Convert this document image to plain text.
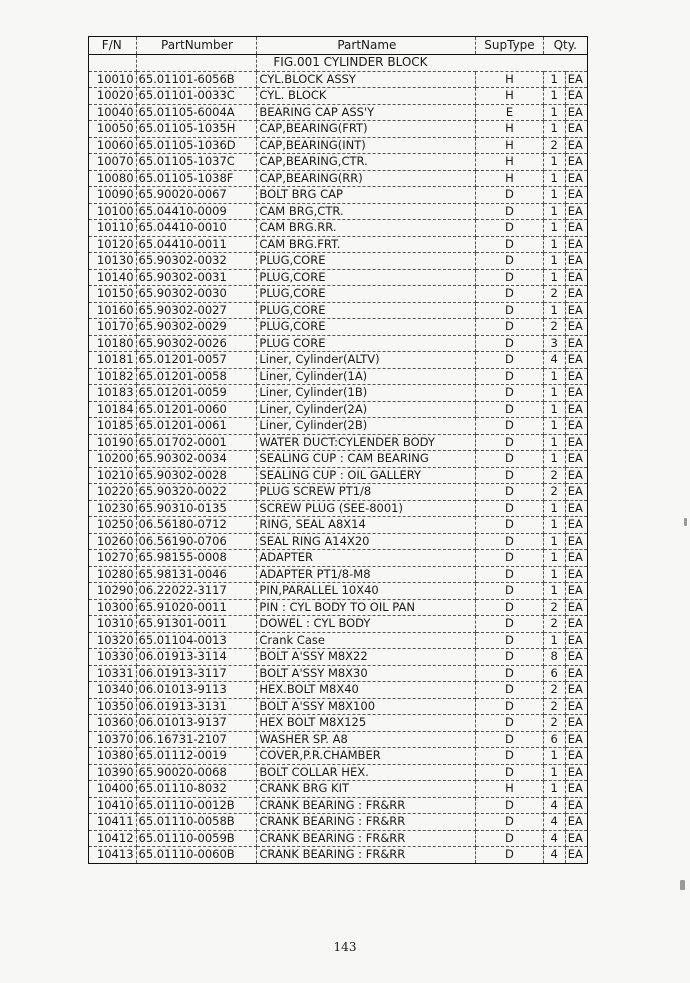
F/N	PartNumber	PartName	SupType	Qty.	
		FIG.001 CYLINDER BLOCK			
10010	65.01101-6056B	CYL.BLOCK ASSY	H	1	EA
10020	65.01101-0033C	CYL. BLOCK	H	1	EA
10040	65.01105-6004A	BEARING CAP ASS'Y	E	1	EA
10050	65.01105-1035H	CAP,BEARING(FRT)	H	1	EA
10060	65.01105-1036D	CAP,BEARING(INT)	H	2	EA
10070	65.01105-1037C	CAP,BEARING,CTR.	H	1	EA
10080	65.01105-1038F	CAP,BEARING(RR)	H	1	EA
10090	65.90020-0067	BOLT BRG CAP	D	1	EA
10100	65.04410-0009	CAM BRG,CTR.	D	1	EA
10110	65.04410-0010	CAM BRG.RR.	D	1	EA
10120	65.04410-0011	CAM BRG.FRT.	D	1	EA
10130	65.90302-0032	PLUG,CORE	D	1	EA
10140	65.90302-0031	PLUG,CORE	D	1	EA
10150	65.90302-0030	PLUG,CORE	D	2	EA
10160	65.90302-0027	PLUG,CORE	D	1	EA
10170	65.90302-0029	PLUG,CORE	D	2	EA
10180	65.90302-0026	PLUG CORE	D	3	EA
10181	65.01201-0057	Liner, Cylinder(ALTV)	D	4	EA
10182	65.01201-0058	Liner, Cylinder(1A)	D	1	EA
10183	65.01201-0059	Liner, Cylinder(1B)	D	1	EA
10184	65.01201-0060	Liner, Cylinder(2A)	D	1	EA
10185	65.01201-0061	Liner, Cylinder(2B)	D	1	EA
10190	65.01702-0001	WATER DUCT:CYLENDER BODY	D	1	EA
10200	65.90302-0034	SEALING CUP : CAM BEARING	D	1	EA
10210	65.90302-0028	SEALING CUP : OIL GALLERY	D	2	EA
10220	65.90320-0022	PLUG SCREW PT1/8	D	2	EA
10230	65.90310-0135	SCREW PLUG (SEE-8001)	D	1	EA
10250	06.56180-0712	RING, SEAL A8X14	D	1	EA
10260	06.56190-0706	SEAL RING A14X20	D	1	EA
10270	65.98155-0008	ADAPTER	D	1	EA
10280	65.98131-0046	ADAPTER PT1/8-M8	D	1	EA
10290	06.22022-3117	PIN,PARALLEL 10X40	D	1	EA
10300	65.91020-0011	PIN : CYL BODY TO OIL PAN	D	2	EA
10310	65.91301-0011	DOWEL : CYL BODY	D	2	EA
10320	65.01104-0013	Crank Case	D	1	EA
10330	06.01913-3114	BOLT A'SSY M8X22	D	8	EA
10331	06.01913-3117	BOLT A'SSY M8X30	D	6	EA
10340	06.01013-9113	HEX.BOLT M8X40	D	2	EA
10350	06.01913-3131	BOLT A'SSY M8X100	D	2	EA
10360	06.01013-9137	HEX BOLT M8X125	D	2	EA
10370	06.16731-2107	WASHER SP. A8	D	6	EA
10380	65.01112-0019	COVER,P.R.CHAMBER	D	1	EA
10390	65.90020-0068	BOLT COLLAR HEX.	D	1	EA
10400	65.01110-8032	CRANK BRG KIT	H	1	EA
10410	65.01110-0012B	CRANK BEARING : FR&RR	D	4	EA
10411	65.01110-0058B	CRANK BEARING : FR&RR	D	4	EA
10412	65.01110-0059B	CRANK BEARING : FR&RR	D	4	EA
10413	65.01110-0060B	CRANK BEARING : FR&RR	D	4	EA
143
